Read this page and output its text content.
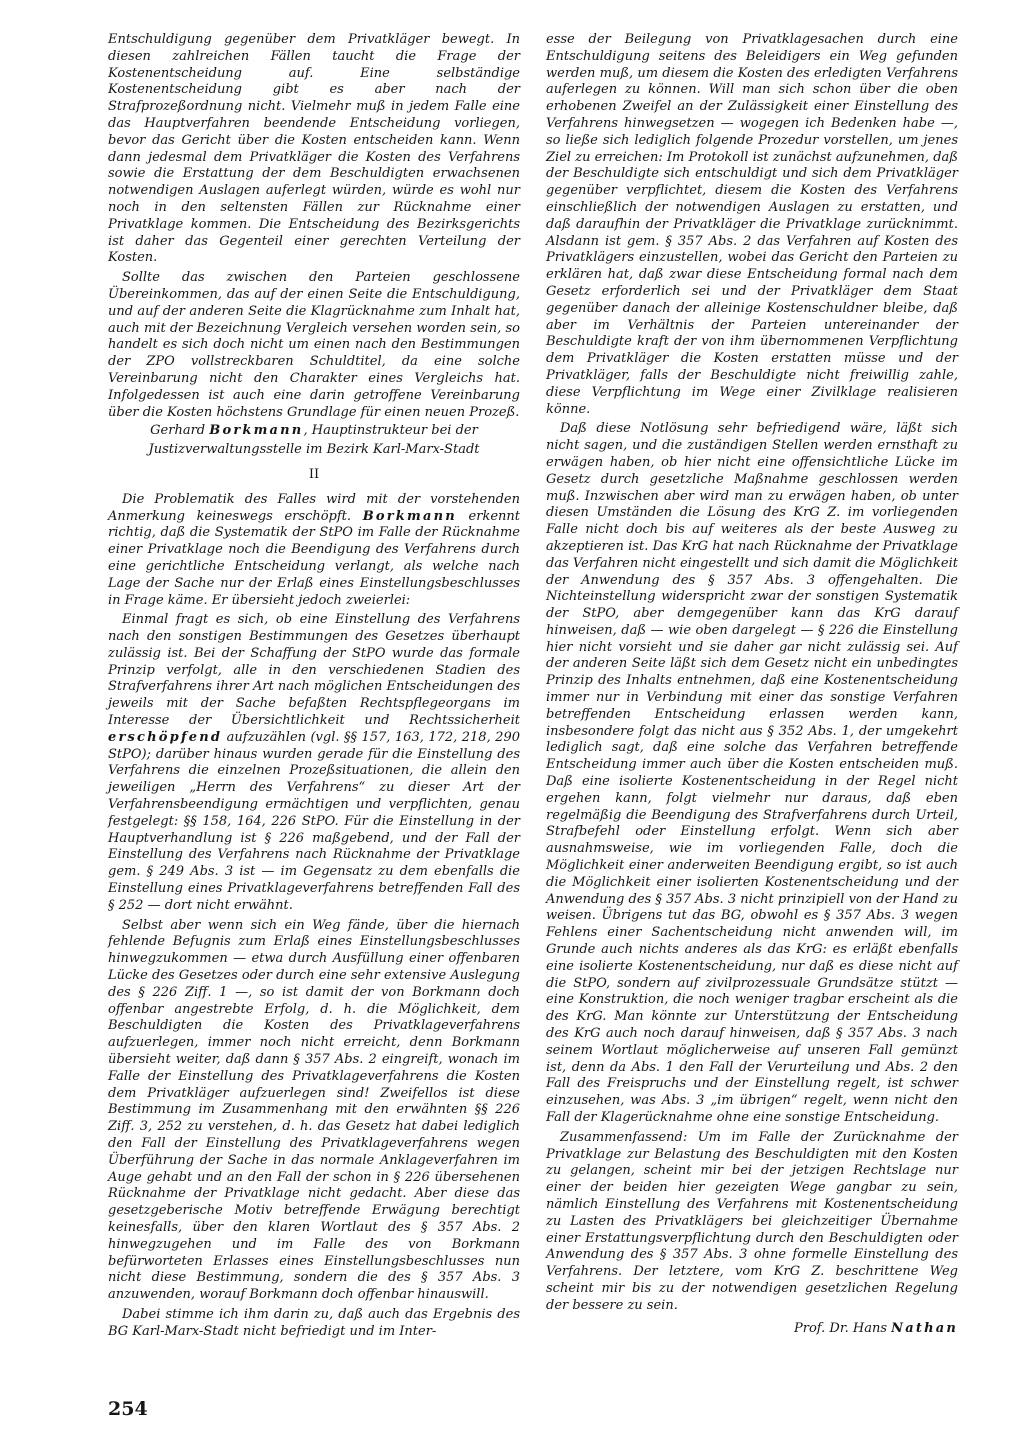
Entschuldigung gegenüber dem Privatkläger bewegt. In diesen zahlreichen Fällen taucht die Frage der Kostenentscheidung auf. Eine selbständige Kostenentscheidung gibt es aber nach der Strafprozeßordnung nicht. Vielmehr muß in jedem Falle eine das Hauptverfahren beendende Entscheidung vorliegen, bevor das Gericht über die Kosten entscheiden kann. Wenn dann jedesmal dem Privatkläger die Kosten des Verfahrens sowie die Erstattung der dem Beschuldigten erwachsenen notwendigen Auslagen auferlegt würden, würde es wohl nur noch in den seltensten Fällen zur Rücknahme einer Privatklage kommen. Die Entscheidung des Bezirksgerichts ist daher das Gegenteil einer gerechten Verteilung der Kosten.

Sollte das zwischen den Parteien geschlossene Übereinkommen, das auf der einen Seite die Entschuldigung, und auf der anderen Seite die Klagrücknahme zum Inhalt hat, auch mit der Bezeichnung Vergleich versehen worden sein, so handelt es sich doch nicht um einen nach den Bestimmungen der ZPO vollstreckbaren Schuldtitel, da eine solche Vereinbarung nicht den Charakter eines Vergleichs hat. Infolgedessen ist auch eine darin getroffene Vereinbarung über die Kosten höchstens Grundlage für einen neuen Prozeß.

Gerhard Borkmann, Hauptinstrukteur bei der

Justizverwaltungsstelle im Bezirk Karl-Marx-Stadt

II

Die Problematik des Falles wird mit der vorstehenden Anmerkung keineswegs erschöpft. Borkmann erkennt richtig, daß die Systematik der StPO im Falle der Rücknahme einer Privatklage noch die Beendigung des Verfahrens durch eine gerichtliche Entscheidung verlangt, als welche nach Lage der Sache nur der Erlaß eines Einstellungsbeschlusses in Frage käme. Er übersieht jedoch zweierlei:

Einmal fragt es sich, ob eine Einstellung des Verfahrens nach den sonstigen Bestimmungen des Gesetzes überhaupt zulässig ist. Bei der Schaffung der StPO wurde das formale Prinzip verfolgt, alle in den verschiedenen Stadien des Strafverfahrens ihrer Art nach möglichen Entscheidungen des jeweils mit der Sache befaßten Rechtspflegeorgans im Interesse der Übersichtlichkeit und Rechtssicherheit erschöpfend aufzuzählen (vgl. §§ 157, 163, 172, 218, 290 StPO); darüber hinaus wurden gerade für die Einstellung des Verfahrens die einzelnen Prozeßsituationen, die allein den jeweiligen „Herrn des Verfahrens“ zu dieser Art der Verfahrensbeendigung ermächtigen und verpflichten, genau festgelegt: §§ 158, 164, 226 StPO. Für die Einstellung in der Hauptverhandlung ist § 226 maßgebend, und der Fall der Einstellung des Verfahrens nach Rücknahme der Privatklage gem. § 249 Abs. 3 ist — im Gegensatz zu dem ebenfalls die Einstellung eines Privatklageverfahrens betreffenden Fall des § 252 — dort nicht erwähnt.

Selbst aber wenn sich ein Weg fände, über die hiernach fehlende Befugnis zum Erlaß eines Einstellungsbeschlusses hinwegzukommen — etwa durch Ausfüllung einer offenbaren Lücke des Gesetzes oder durch eine sehr extensive Auslegung des § 226 Ziff. 1 —, so ist damit der von Borkmann doch offenbar angestrebte Erfolg, d. h. die Möglichkeit, dem Beschuldigten die Kosten des Privatklageverfahrens aufzuerlegen, immer noch nicht erreicht, denn Borkmann übersieht weiter, daß dann § 357 Abs. 2 eingreift, wonach im Falle der Einstellung des Privatklageverfahrens die Kosten dem Privatkläger aufzuerlegen sind! Zweifellos ist diese Bestimmung im Zusammenhang mit den erwähnten §§ 226 Ziff. 3, 252 zu verstehen, d. h. das Gesetz hat dabei lediglich den Fall der Einstellung des Privatklageverfahrens wegen Überführung der Sache in das normale Anklageverfahren im Auge gehabt und an den Fall der schon in § 226 übersehenen Rücknahme der Privatklage nicht gedacht. Aber diese das gesetzgeberische Motiv betreffende Erwägung berechtigt keinesfalls, über den klaren Wortlaut des § 357 Abs. 2 hinwegzugehen und im Falle des von Borkmann befürworteten Erlasses eines Einstellungsbeschlusses nun nicht diese Bestimmung, sondern die des § 357 Abs. 3 anzuwenden, worauf Borkmann doch offenbar hinauswill.

Dabei stimme ich ihm darin zu, daß auch das Ergebnis des BG Karl-Marx-Stadt nicht befriedigt und im Inter-

esse der Beilegung von Privatklagesachen durch eine Entschuldigung seitens des Beleidigers ein Weg gefunden werden muß, um diesem die Kosten des erledigten Verfahrens auferlegen zu können. Will man sich schon über die oben erhobenen Zweifel an der Zulässigkeit einer Einstellung des Verfahrens hinwegsetzen — wogegen ich Bedenken habe —, so ließe sich lediglich folgende Prozedur vorstellen, um jenes Ziel zu erreichen: Im Protokoll ist zunächst aufzunehmen, daß der Beschuldigte sich entschuldigt und sich dem Privatkläger gegenüber verpflichtet, diesem die Kosten des Verfahrens einschließlich der notwendigen Auslagen zu erstatten, und daß daraufhin der Privatkläger die Privatklage zurücknimmt. Alsdann ist gem. § 357 Abs. 2 das Verfahren auf Kosten des Privatklägers einzustellen, wobei das Gericht den Parteien zu erklären hat, daß zwar diese Entscheidung formal nach dem Gesetz erforderlich sei und der Privatkläger dem Staat gegenüber danach der alleinige Kostenschuldner bleibe, daß aber im Verhältnis der Parteien untereinander der Beschuldigte kraft der von ihm übernommenen Verpflichtung dem Privatkläger die Kosten erstatten müsse und der Privatkläger, falls der Beschuldigte nicht freiwillig zahle, diese Verpflichtung im Wege einer Zivilklage realisieren könne.

Daß diese Notlösung sehr befriedigend wäre, läßt sich nicht sagen, und die zuständigen Stellen werden ernsthaft zu erwägen haben, ob hier nicht eine offensichtliche Lücke im Gesetz durch gesetzliche Maßnahme geschlossen werden muß. Inzwischen aber wird man zu erwägen haben, ob unter diesen Umständen die Lösung des KrG Z. im vorliegenden Falle nicht doch bis auf weiteres als der beste Ausweg zu akzeptieren ist. Das KrG hat nach Rücknahme der Privatklage das Verfahren nicht eingestellt und sich damit die Möglichkeit der Anwendung des § 357 Abs. 3 offengehalten. Die Nichteinstellung widerspricht zwar der sonstigen Systematik der StPO, aber demgegenüber kann das KrG darauf hinweisen, daß — wie oben dargelegt — § 226 die Einstellung hier nicht vorsieht und sie daher gar nicht zulässig sei. Auf der anderen Seite läßt sich dem Gesetz nicht ein unbedingtes Prinzip des Inhalts entnehmen, daß eine Kostenentscheidung immer nur in Verbindung mit einer das sonstige Verfahren betreffenden Entscheidung erlassen werden kann, insbesondere folgt das nicht aus § 352 Abs. 1, der umgekehrt lediglich sagt, daß eine solche das Verfahren betreffende Entscheidung immer auch über die Kosten entscheiden muß. Daß eine isolierte Kostenentscheidung in der Regel nicht ergehen kann, folgt vielmehr nur daraus, daß eben regelmäßig die Beendigung des Strafverfahrens durch Urteil, Strafbefehl oder Einstellung erfolgt. Wenn sich aber ausnahmsweise, wie im vorliegenden Falle, doch die Möglichkeit einer anderweiten Beendigung ergibt, so ist auch die Möglichkeit einer isolierten Kostenentscheidung und der Anwendung des § 357 Abs. 3 nicht prinzipiell von der Hand zu weisen. Übrigens tut das BG, obwohl es § 357 Abs. 3 wegen Fehlens einer Sachentscheidung nicht anwenden will, im Grunde auch nichts anderes als das KrG: es erläßt ebenfalls eine isolierte Kostenentscheidung, nur daß es diese nicht auf die StPO, sondern auf zivilprozessuale Grundsätze stützt — eine Konstruktion, die noch weniger tragbar erscheint als die des KrG. Man könnte zur Unterstützung der Entscheidung des KrG auch noch darauf hinweisen, daß § 357 Abs. 3 nach seinem Wortlaut möglicherweise auf unseren Fall gemünzt ist, denn da Abs. 1 den Fall der Verurteilung und Abs. 2 den Fall des Freispruchs und der Einstellung regelt, ist schwer einzusehen, was Abs. 3 „im übrigen“ regelt, wenn nicht den Fall der Klagerücknahme ohne eine sonstige Entscheidung.

Zusammenfassend: Um im Falle der Zurücknahme der Privatklage zur Belastung des Beschuldigten mit den Kosten zu gelangen, scheint mir bei der jetzigen Rechtslage nur einer der beiden hier gezeigten Wege gangbar zu sein, nämlich Einstellung des Verfahrens mit Kostenentscheidung zu Lasten des Privatklägers bei gleichzeitiger Übernahme einer Erstattungsverpflichtung durch den Beschuldigten oder Anwendung des § 357 Abs. 3 ohne formelle Einstellung des Verfahrens. Der letztere, vom KrG Z. beschrittene Weg scheint mir bis zu der notwendigen gesetzlichen Regelung der bessere zu sein.

Prof. Dr. Hans Nathan

254
